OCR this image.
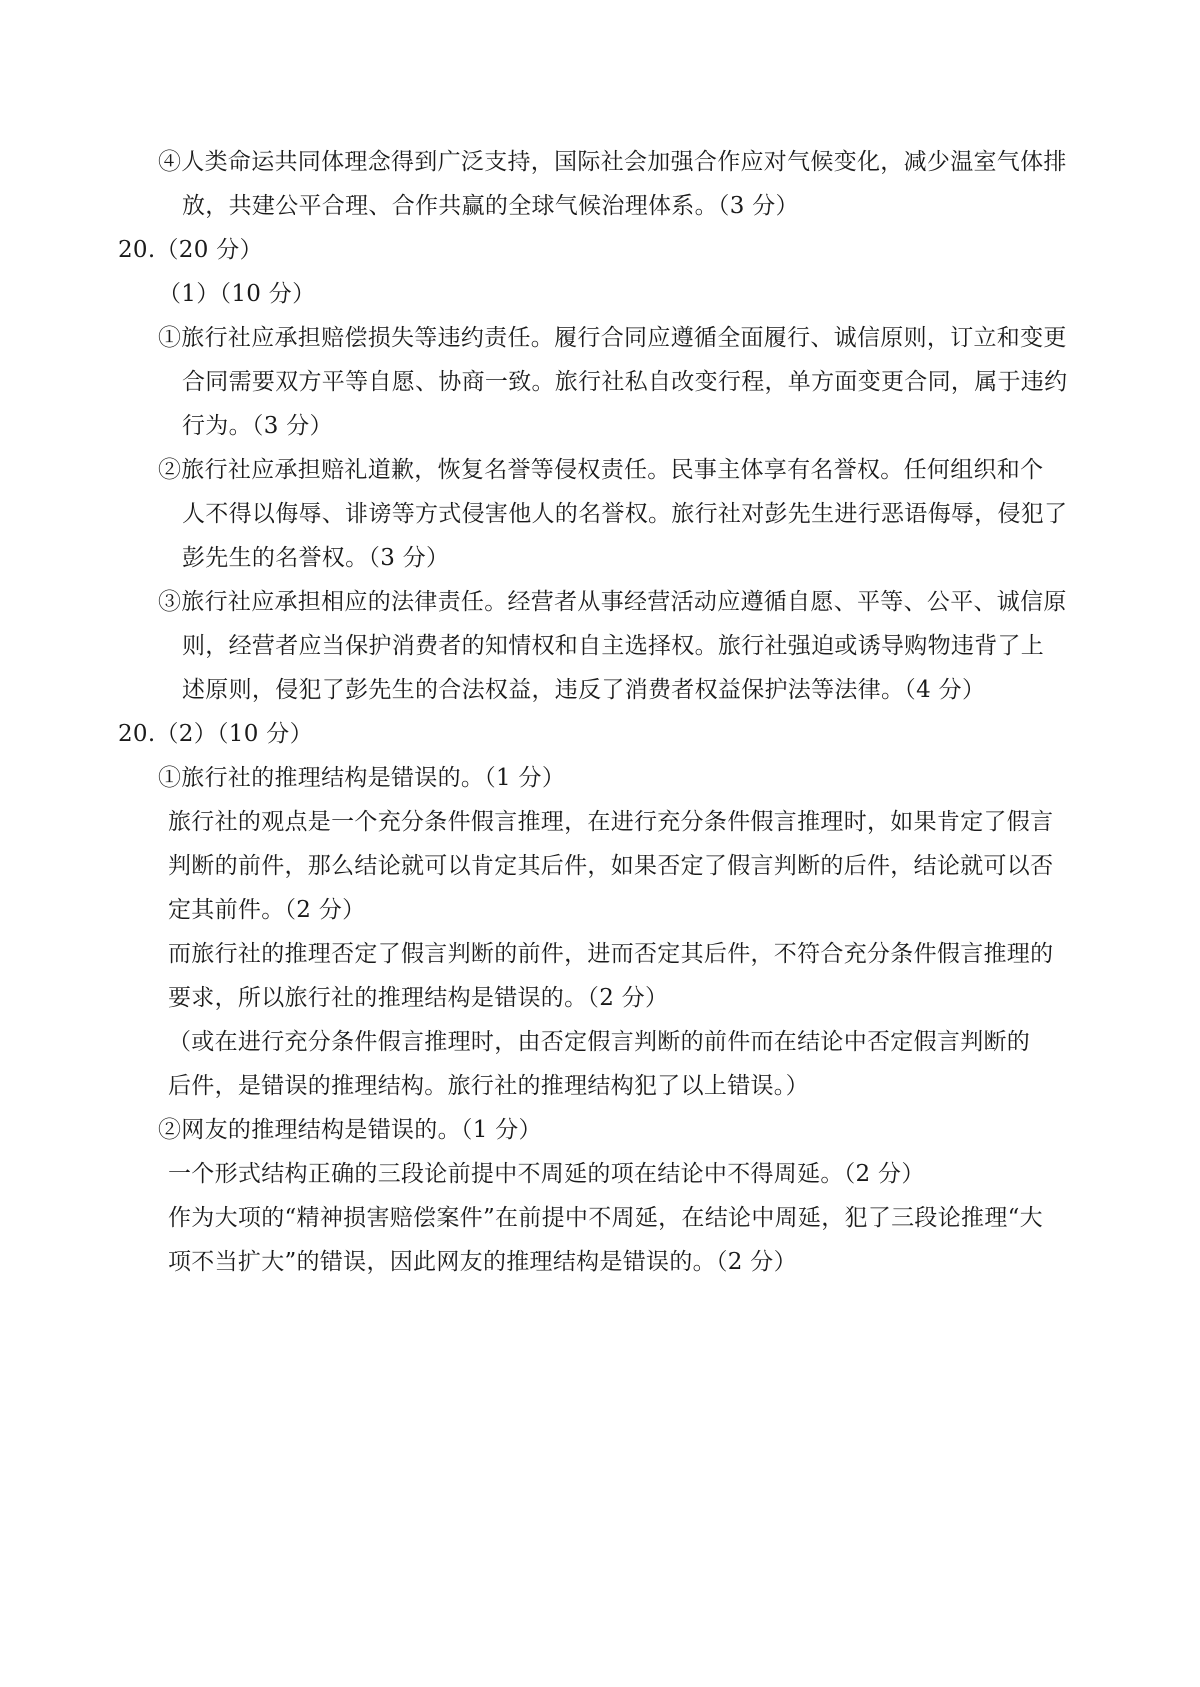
④人类命运共同体理念得到广泛支持，国际社会加强合作应对气候变化，减少温室气体排
放，共建公平合理、合作共赢的全球气候治理体系。（3 分）
20.（20 分）
（1）（10 分）
①旅行社应承担赔偿损失等违约责任。履行合同应遵循全面履行、诚信原则，订立和变更
合同需要双方平等自愿、协商一致。旅行社私自改变行程，单方面变更合同，属于违约
行为。（3 分）
②旅行社应承担赔礼道歉，恢复名誉等侵权责任。民事主体享有名誉权。任何组织和个
人不得以侮辱、诽谤等方式侵害他人的名誉权。旅行社对彭先生进行恶语侮辱，侵犯了
彭先生的名誉权。（3 分）
③旅行社应承担相应的法律责任。经营者从事经营活动应遵循自愿、平等、公平、诚信原
则，经营者应当保护消费者的知情权和自主选择权。旅行社强迫或诱导购物违背了上
述原则，侵犯了彭先生的合法权益，违反了消费者权益保护法等法律。（4 分）
20.（2）（10 分）
①旅行社的推理结构是错误的。（1 分）
旅行社的观点是一个充分条件假言推理，在进行充分条件假言推理时，如果肯定了假言
判断的前件，那么结论就可以肯定其后件，如果否定了假言判断的后件，结论就可以否
定其前件。（2 分）
而旅行社的推理否定了假言判断的前件，进而否定其后件，不符合充分条件假言推理的
要求，所以旅行社的推理结构是错误的。（2 分）
（或在进行充分条件假言推理时，由否定假言判断的前件而在结论中否定假言判断的
后件，是错误的推理结构。旅行社的推理结构犯了以上错误。）
②网友的推理结构是错误的。（1 分）
一个形式结构正确的三段论前提中不周延的项在结论中不得周延。（2 分）
作为大项的“精神损害赔偿案件”在前提中不周延，在结论中周延，犯了三段论推理“大
项不当扩大”的错误，因此网友的推理结构是错误的。（2 分）
